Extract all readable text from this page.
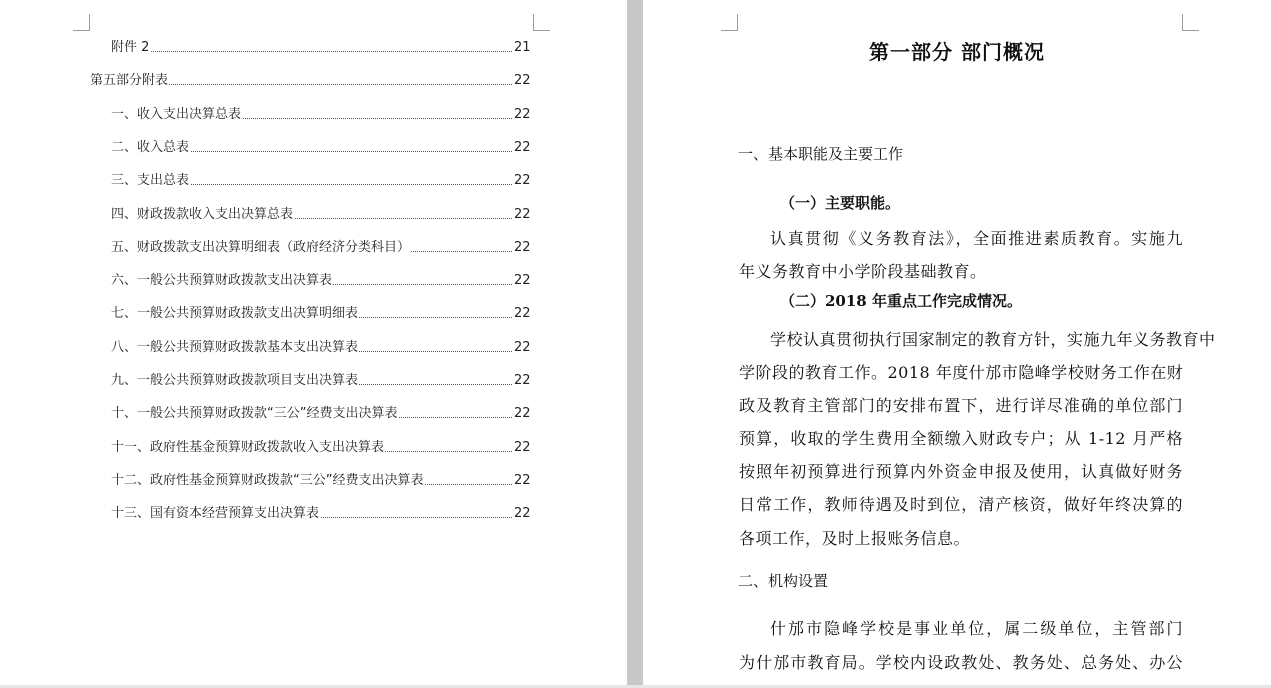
附件 2	21
第五部分附表	22
一、收入支出决算总表	22
二、收入总表	22
三、支出总表	22
四、财政拨款收入支出决算总表	22
五、财政拨款支出决算明细表（政府经济分类科目）	22
六、一般公共预算财政拨款支出决算表	22
七、一般公共预算财政拨款支出决算明细表	22
八、一般公共预算财政拨款基本支出决算表	22
九、一般公共预算财政拨款项目支出决算表	22
十、一般公共预算财政拨款“三公”经费支出决算表	22
十一、政府性基金预算财政拨款收入支出决算表	22
十二、政府性基金预算财政拨款“三公”经费支出决算表	22
十三、国有资本经营预算支出决算表	22
第一部分 部门概况
一、基本职能及主要工作
（一）主要职能。
认真贯彻《义务教育法》，全面推进素质教育。实施九
年义务教育中小学阶段基础教育。
（二）2018 年重点工作完成情况。
学校认真贯彻执行国家制定的教育方针，实施九年义务教育中
学阶段的教育工作。2018 年度什邡市隐峰学校财务工作在财
政及教育主管部门的安排布置下，进行详尽准确的单位部门
预算，收取的学生费用全额缴入财政专户；从 1-12 月严格
按照年初预算进行预算内外资金申报及使用，认真做好财务
日常工作，教师待遇及时到位，清产核资，做好年终决算的
各项工作，及时上报账务信息。
二、机构设置
什邡市隐峰学校是事业单位，属二级单位，主管部门
为什邡市教育局。学校内设政教处、教务处、总务处、办公
